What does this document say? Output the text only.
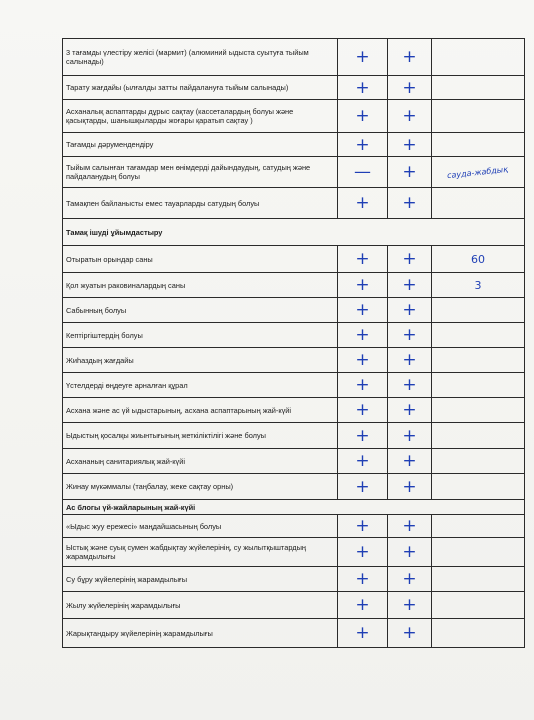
3 тағамды үлестіру желісі (мармит) (алюминий ыдыста суытуға тыйым салынады)	+	+	
Тарату жағдайы (ылғалды затты пайдалануға тыйым салынады)	+	+	
Асханалық аспаптарды дұрыс сақтау (кассеталардың болуы және қасықтарды, шанышқыларды жоғары қаратып сақтау )	+	+	
Тағамды дәрумендендіру	+	+	
Тыйым салынған тағамдар мен өнімдерді дайындаудың, сатудың және пайдаланудың болуы	—	+	сауда-жабдық
Тамақпен байланысты емес тауарларды сатудың болуы	+	+	
Тамақ ішуді ұйымдастыру			
Отыратын орындар саны	+	+	60
Қол жуатын раковиналардың саны	+	+	3
Сабынның болуы	+	+	
Кептіргіштердің болуы	+	+	
Жиһаздың жағдайы	+	+	
Үстелдерді өңдеуге арналған құрал	+	+	
Асхана және ас үй ыдыстарының, асхана аспаптарының жай-күйі	+	+	
Ыдыстың қосалқы жиынтығының жеткіліктілігі және болуы	+	+	
Асхананың санитариялық жай-күйі	+	+	
Жинау мүкәммалы (таңбалау, жеке сақтау орны)	+	+	
Ас блогы үй-жайларының жай-күйі			
«Ыдыс жуу ережесі» маңдайшасының болуы	+	+	
Ыстық және суық сумен жабдықтау жүйелерінің, су жылытқыштардың жарамдылығы	+	+	
Су бұру жүйелерінің жарамдылығы	+	+	
Жылу жүйелерінің жарамдылығы	+	+	
Жарықтандыру жүйелерінің жарамдылығы	+	+	
